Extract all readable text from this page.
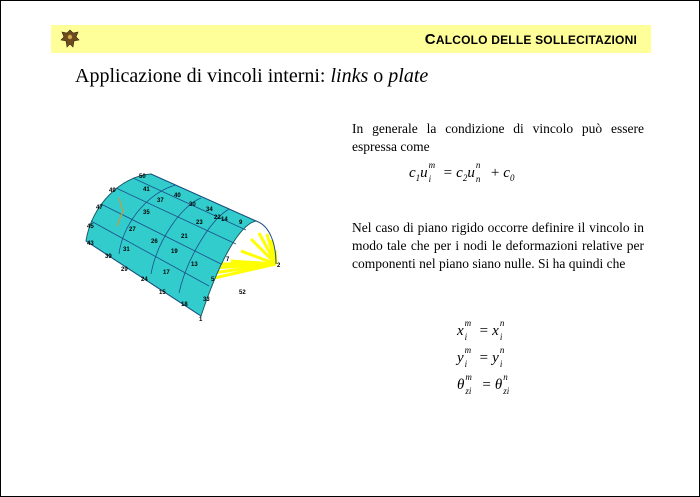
CALCOLO DELLE SOLLECITAZIONI
Applicazione di vincoli interni: links o plate
50
49	41
37
47
35
45
43
31
27
39
26
29
21
19
23
33
14
17
13
24
9
5
7
15	52
2
18
1
40
30
34
22
In generale la condizione di vincolo può essere espressa come
$c_1u$
m
$i = c_2u$
n
$n + c_0$
Nel caso di piano rigido occorre definire il vincolo in modo tale che per i nodi le deformazioni relative per componenti nel piano siano nulle. Si ha quindi che
x
m
i = x
n
i
y
m
i = y
n
i
θ
m
zi = θ
n
zi
